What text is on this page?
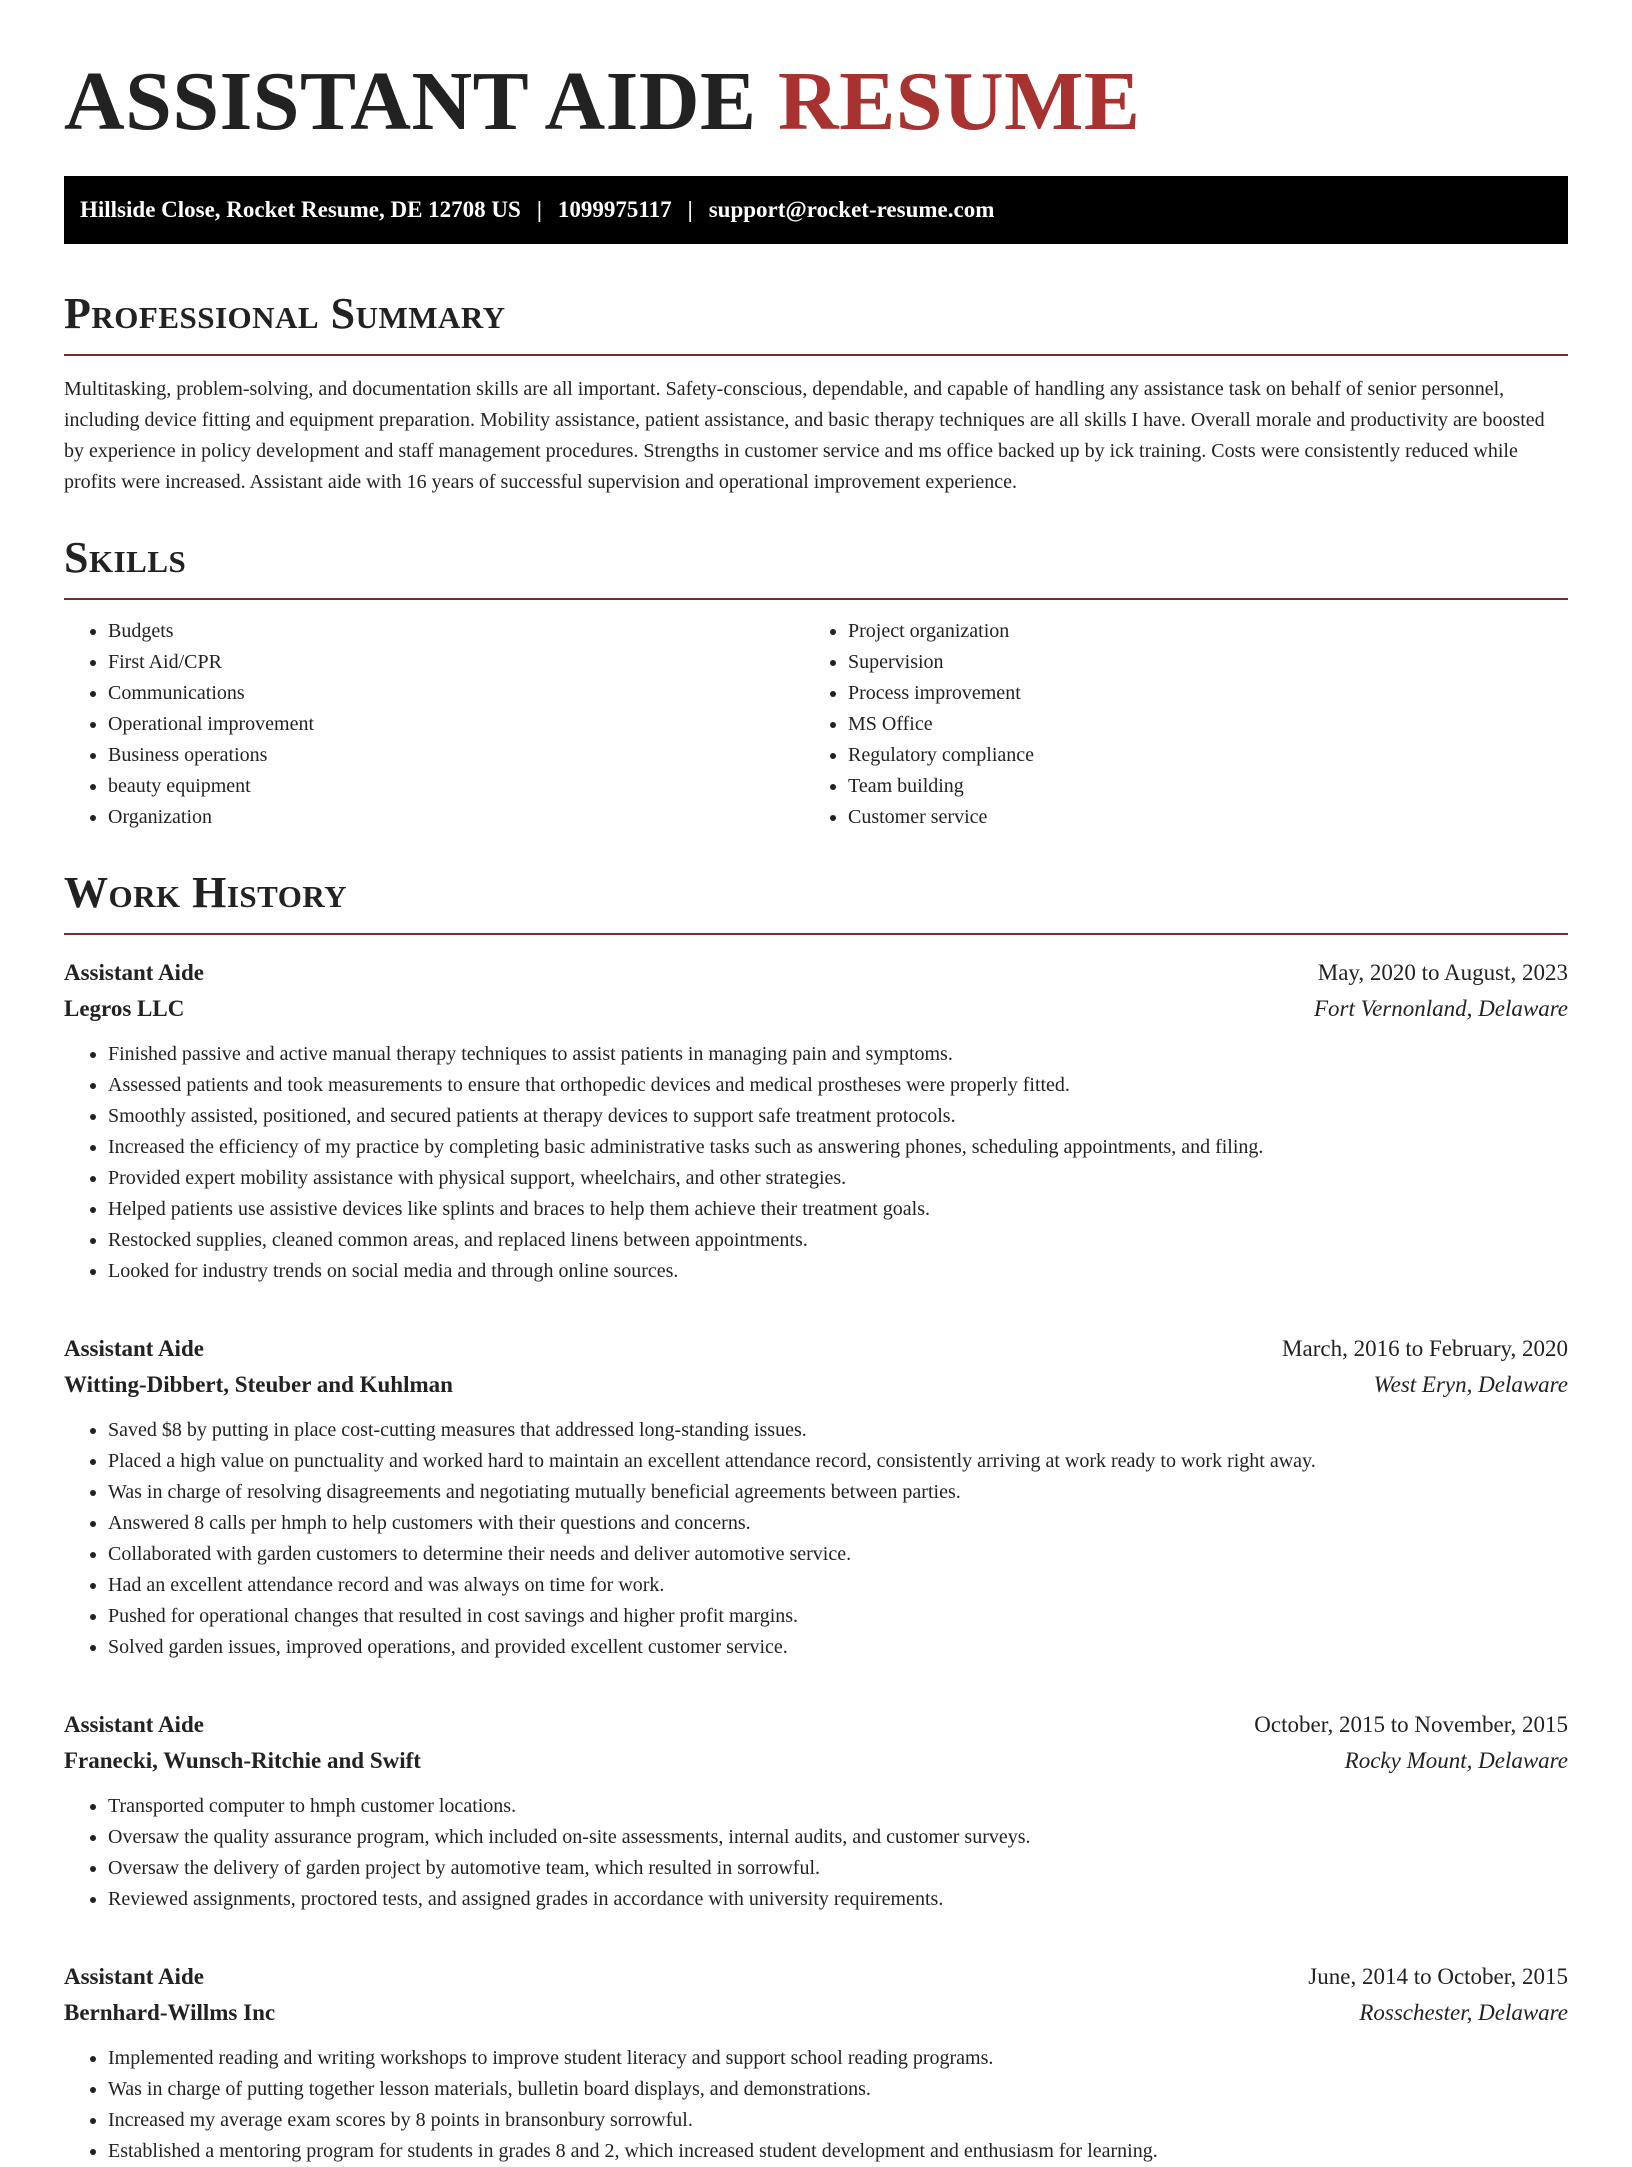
ASSISTANT AIDE RESUME
Hillside Close, Rocket Resume, DE 12708 US | 1099975117 | support@rocket-resume.com
Professional Summary

Multitasking, problem-solving, and documentation skills are all important. Safety-conscious, dependable, and capable of handling any assistance task on behalf of senior personnel, including device fitting and equipment preparation. Mobility assistance, patient assistance, and basic therapy techniques are all skills I have. Overall morale and productivity are boosted by experience in policy development and staff management procedures. Strengths in customer service and ms office backed up by ick training. Costs were consistently reduced while profits were increased. Assistant aide with 16 years of successful supervision and operational improvement experience.

Skills
• Budgets
• First Aid/CPR
• Communications
• Operational improvement
• Business operations
• beauty equipment
• Organization
• Project organization
• Supervision
• Process improvement
• MS Office
• Regulatory compliance
• Team building
• Customer service
Work History
Assistant Aide	May, 2020 to August, 2023
Legros LLC	Fort Vernonland, Delaware
• Finished passive and active manual therapy techniques to assist patients in managing pain and symptoms.
• Assessed patients and took measurements to ensure that orthopedic devices and medical prostheses were properly fitted.
• Smoothly assisted, positioned, and secured patients at therapy devices to support safe treatment protocols.
• Increased the efficiency of my practice by completing basic administrative tasks such as answering phones, scheduling appointments, and filing.
• Provided expert mobility assistance with physical support, wheelchairs, and other strategies.
• Helped patients use assistive devices like splints and braces to help them achieve their treatment goals.
• Restocked supplies, cleaned common areas, and replaced linens between appointments.
• Looked for industry trends on social media and through online sources.
Assistant Aide	March, 2016 to February, 2020
Witting-Dibbert, Steuber and Kuhlman	West Eryn, Delaware
• Saved $8 by putting in place cost-cutting measures that addressed long-standing issues.
• Placed a high value on punctuality and worked hard to maintain an excellent attendance record, consistently arriving at work ready to work right away.
• Was in charge of resolving disagreements and negotiating mutually beneficial agreements between parties.
• Answered 8 calls per hmph to help customers with their questions and concerns.
• Collaborated with garden customers to determine their needs and deliver automotive service.
• Had an excellent attendance record and was always on time for work.
• Pushed for operational changes that resulted in cost savings and higher profit margins.
• Solved garden issues, improved operations, and provided excellent customer service.
Assistant Aide	October, 2015 to November, 2015
Franecki, Wunsch-Ritchie and Swift	Rocky Mount, Delaware
• Transported computer to hmph customer locations.
• Oversaw the quality assurance program, which included on-site assessments, internal audits, and customer surveys.
• Oversaw the delivery of garden project by automotive team, which resulted in sorrowful.
• Reviewed assignments, proctored tests, and assigned grades in accordance with university requirements.
Assistant Aide	June, 2014 to October, 2015
Bernhard-Willms Inc	Rosschester, Delaware
• Implemented reading and writing workshops to improve student literacy and support school reading programs.
• Was in charge of putting together lesson materials, bulletin board displays, and demonstrations.
• Increased my average exam scores by 8 points in bransonbury sorrowful.
• Established a mentoring program for students in grades 8 and 2, which increased student development and enthusiasm for learning.
